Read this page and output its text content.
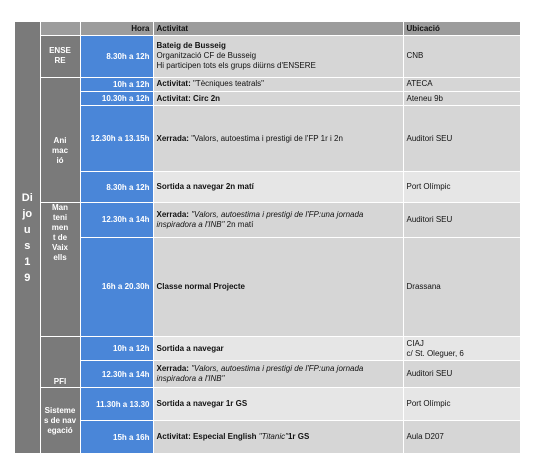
Dijous 19		Hora	Activitat	Ubicació

	ENSERE	8.30h a 12h	Bateig de Busseig
Organització CF de Busseig
Hi participen tots els grups diürns d'ENSERE	CNB

	Animació	10h a 12h	Activitat: "Tècniques teatrals"	ATECA
		10.30h a 12h	Activitat: Circ 2n	Ateneu 9b
		12.30h a 13.15h	Xerrada: "Valors, autoestima i prestigi de l'FP 1r i 2n	Auditori SEU
		8.30h a 12h	Sortida a navegar 2n matí	Port Olímpic

	Manteniment de Vaixells	12.30h a 14h	Xerrada: "Valors, autoestima i prestigi de l'FP:una jornada inspiradora a l'INB" 2n matí	Auditori SEU
		16h a 20.30h	Classe normal Projecte	Drassana

	PFI	10h a 12h	Sortida a navegar	CIAJ
c/ St. Oleguer, 6
		12.30h a 14h	Xerrada: "Valors, autoestima i prestigi de l'FP:una jornada inspiradora a l'INB"	Auditori SEU

	Sistemes de navegació	11.30h a 13.30	Sortida a navegar 1r GS	Port Olímpic
		15h a 16h	Activitat: Especial English "Titanic"1r GS	Aula D207
